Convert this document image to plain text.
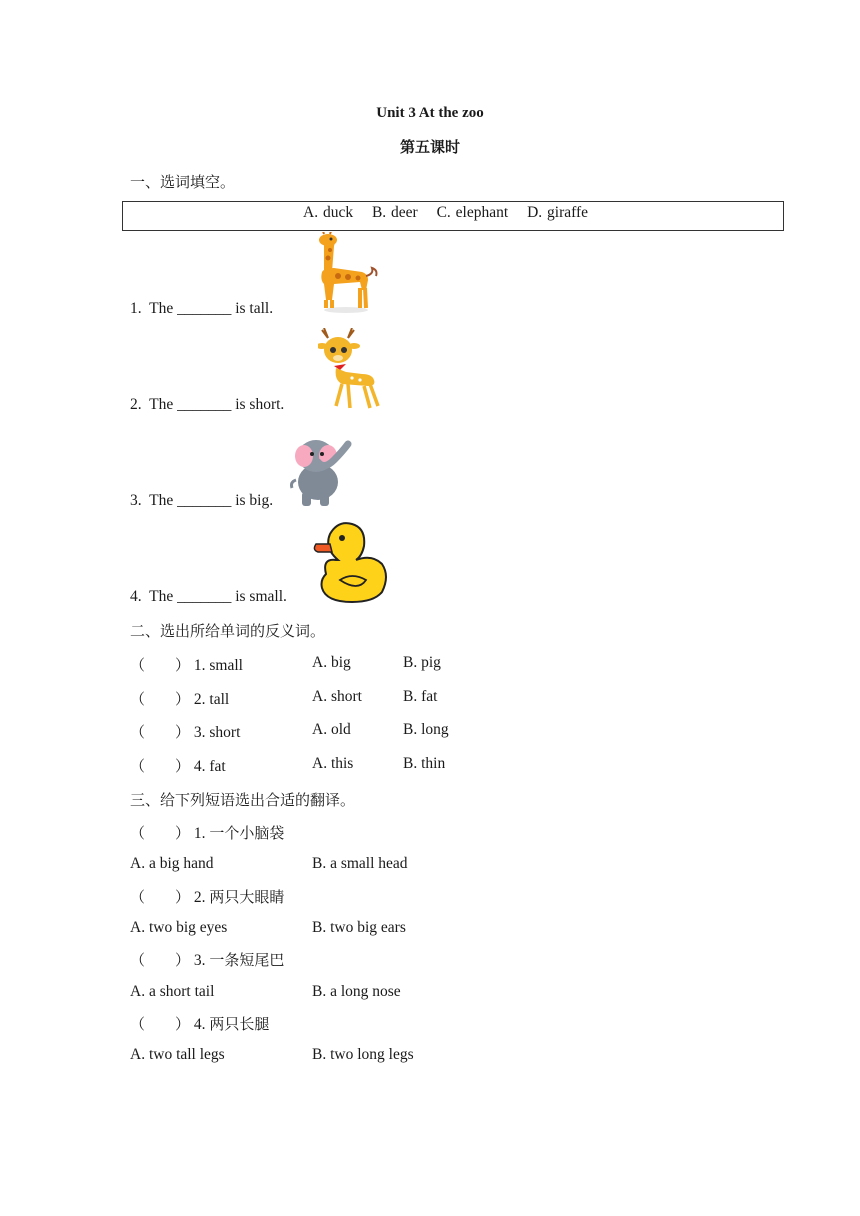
Unit 3 At the zoo
第五课时
一、选词填空。
A. duck B. deer C. elephant D. giraffe
1. The _______ is tall.
2. The _______ is short.
3. The _______ is big.
4. The _______ is small.
二、选出所给单词的反义词。
（　　） 1. small	A. big	B. pig
（　　） 2. tall	A. short	B. fat
（　　） 3. short	A. old	B. long
（　　） 4. fat	A. this	B. thin
三、给下列短语选出合适的翻译。
（　　） 1. 一个小脑袋
A. a big hand	B. a small head
（　　） 2. 两只大眼睛
A. two big eyes	B. two big ears
（　　） 3. 一条短尾巴
A. a short tail	B. a long nose
（　　） 4. 两只长腿
A. two tall legs	B. two long legs
